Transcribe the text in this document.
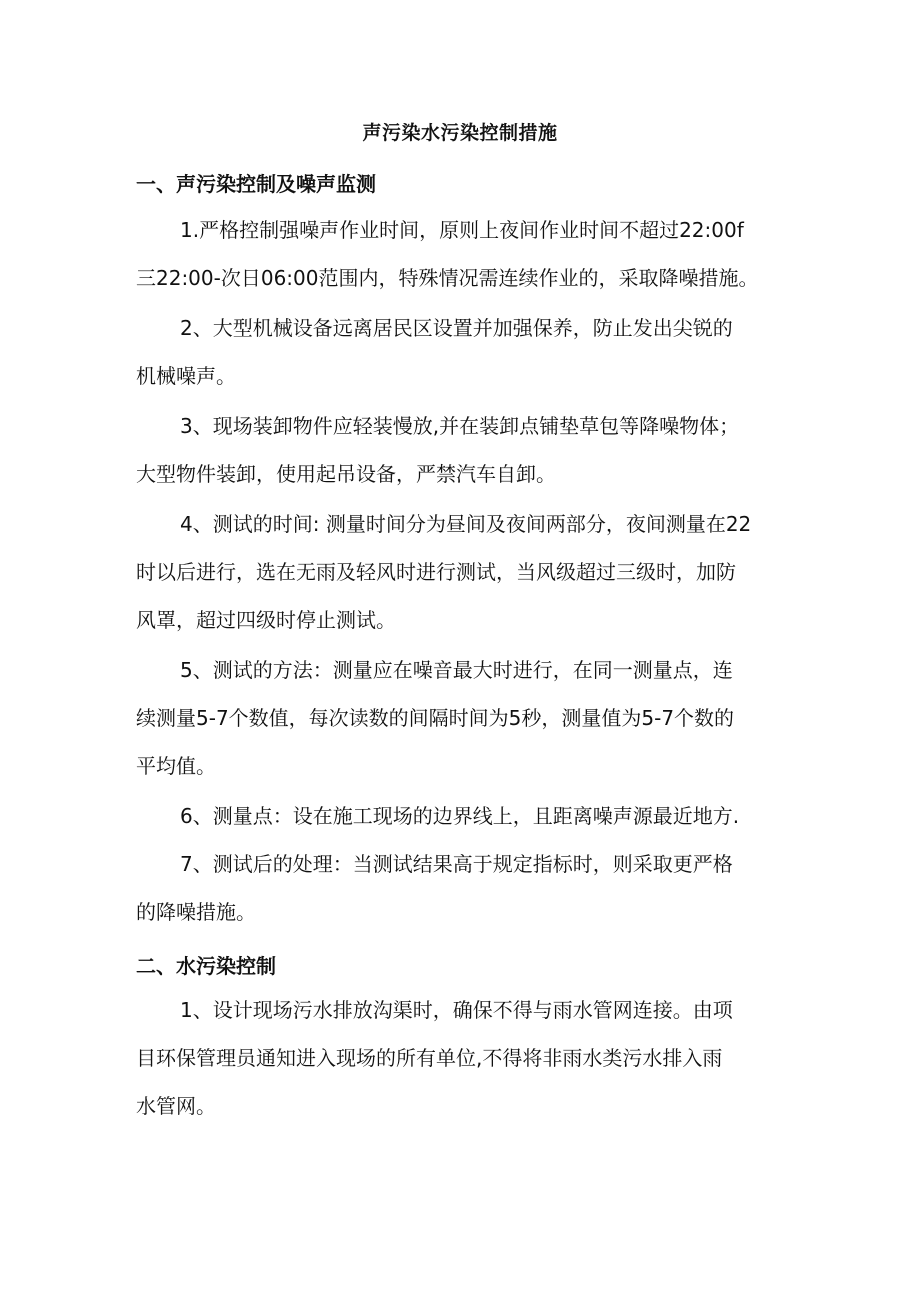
声污染水污染控制措施
一、声污染控制及噪声监测
1.严格控制强噪声作业时间，原则上夜间作业时间不超过22:00f
三22:00-次日06:00范围内，特殊情况需连续作业的，采取降噪措施。
2、大型机械设备远离居民区设置并加强保养，防止发出尖锐的
机械噪声。
3、现场装卸物件应轻装慢放,并在装卸点铺垫草包等降噪物体；
大型物件装卸，使用起吊设备，严禁汽车自卸。
4、测试的时间: 测量时间分为昼间及夜间两部分，夜间测量在22
时以后进行，选在无雨及轻风时进行测试，当风级超过三级时，加防
风罩，超过四级时停止测试。
5、测试的方法：测量应在噪音最大时进行，在同一测量点，连
续测量5-7个数值，每次读数的间隔时间为5秒，测量值为5-7个数的
平均值。
6、测量点：设在施工现场的边界线上，且距离噪声源最近地方.
7、测试后的处理：当测试结果高于规定指标时，则采取更严格
的降噪措施。
二、水污染控制
1、设计现场污水排放沟渠时，确保不得与雨水管网连接。由项
目环保管理员通知进入现场的所有单位,不得将非雨水类污水排入雨
水管网。
